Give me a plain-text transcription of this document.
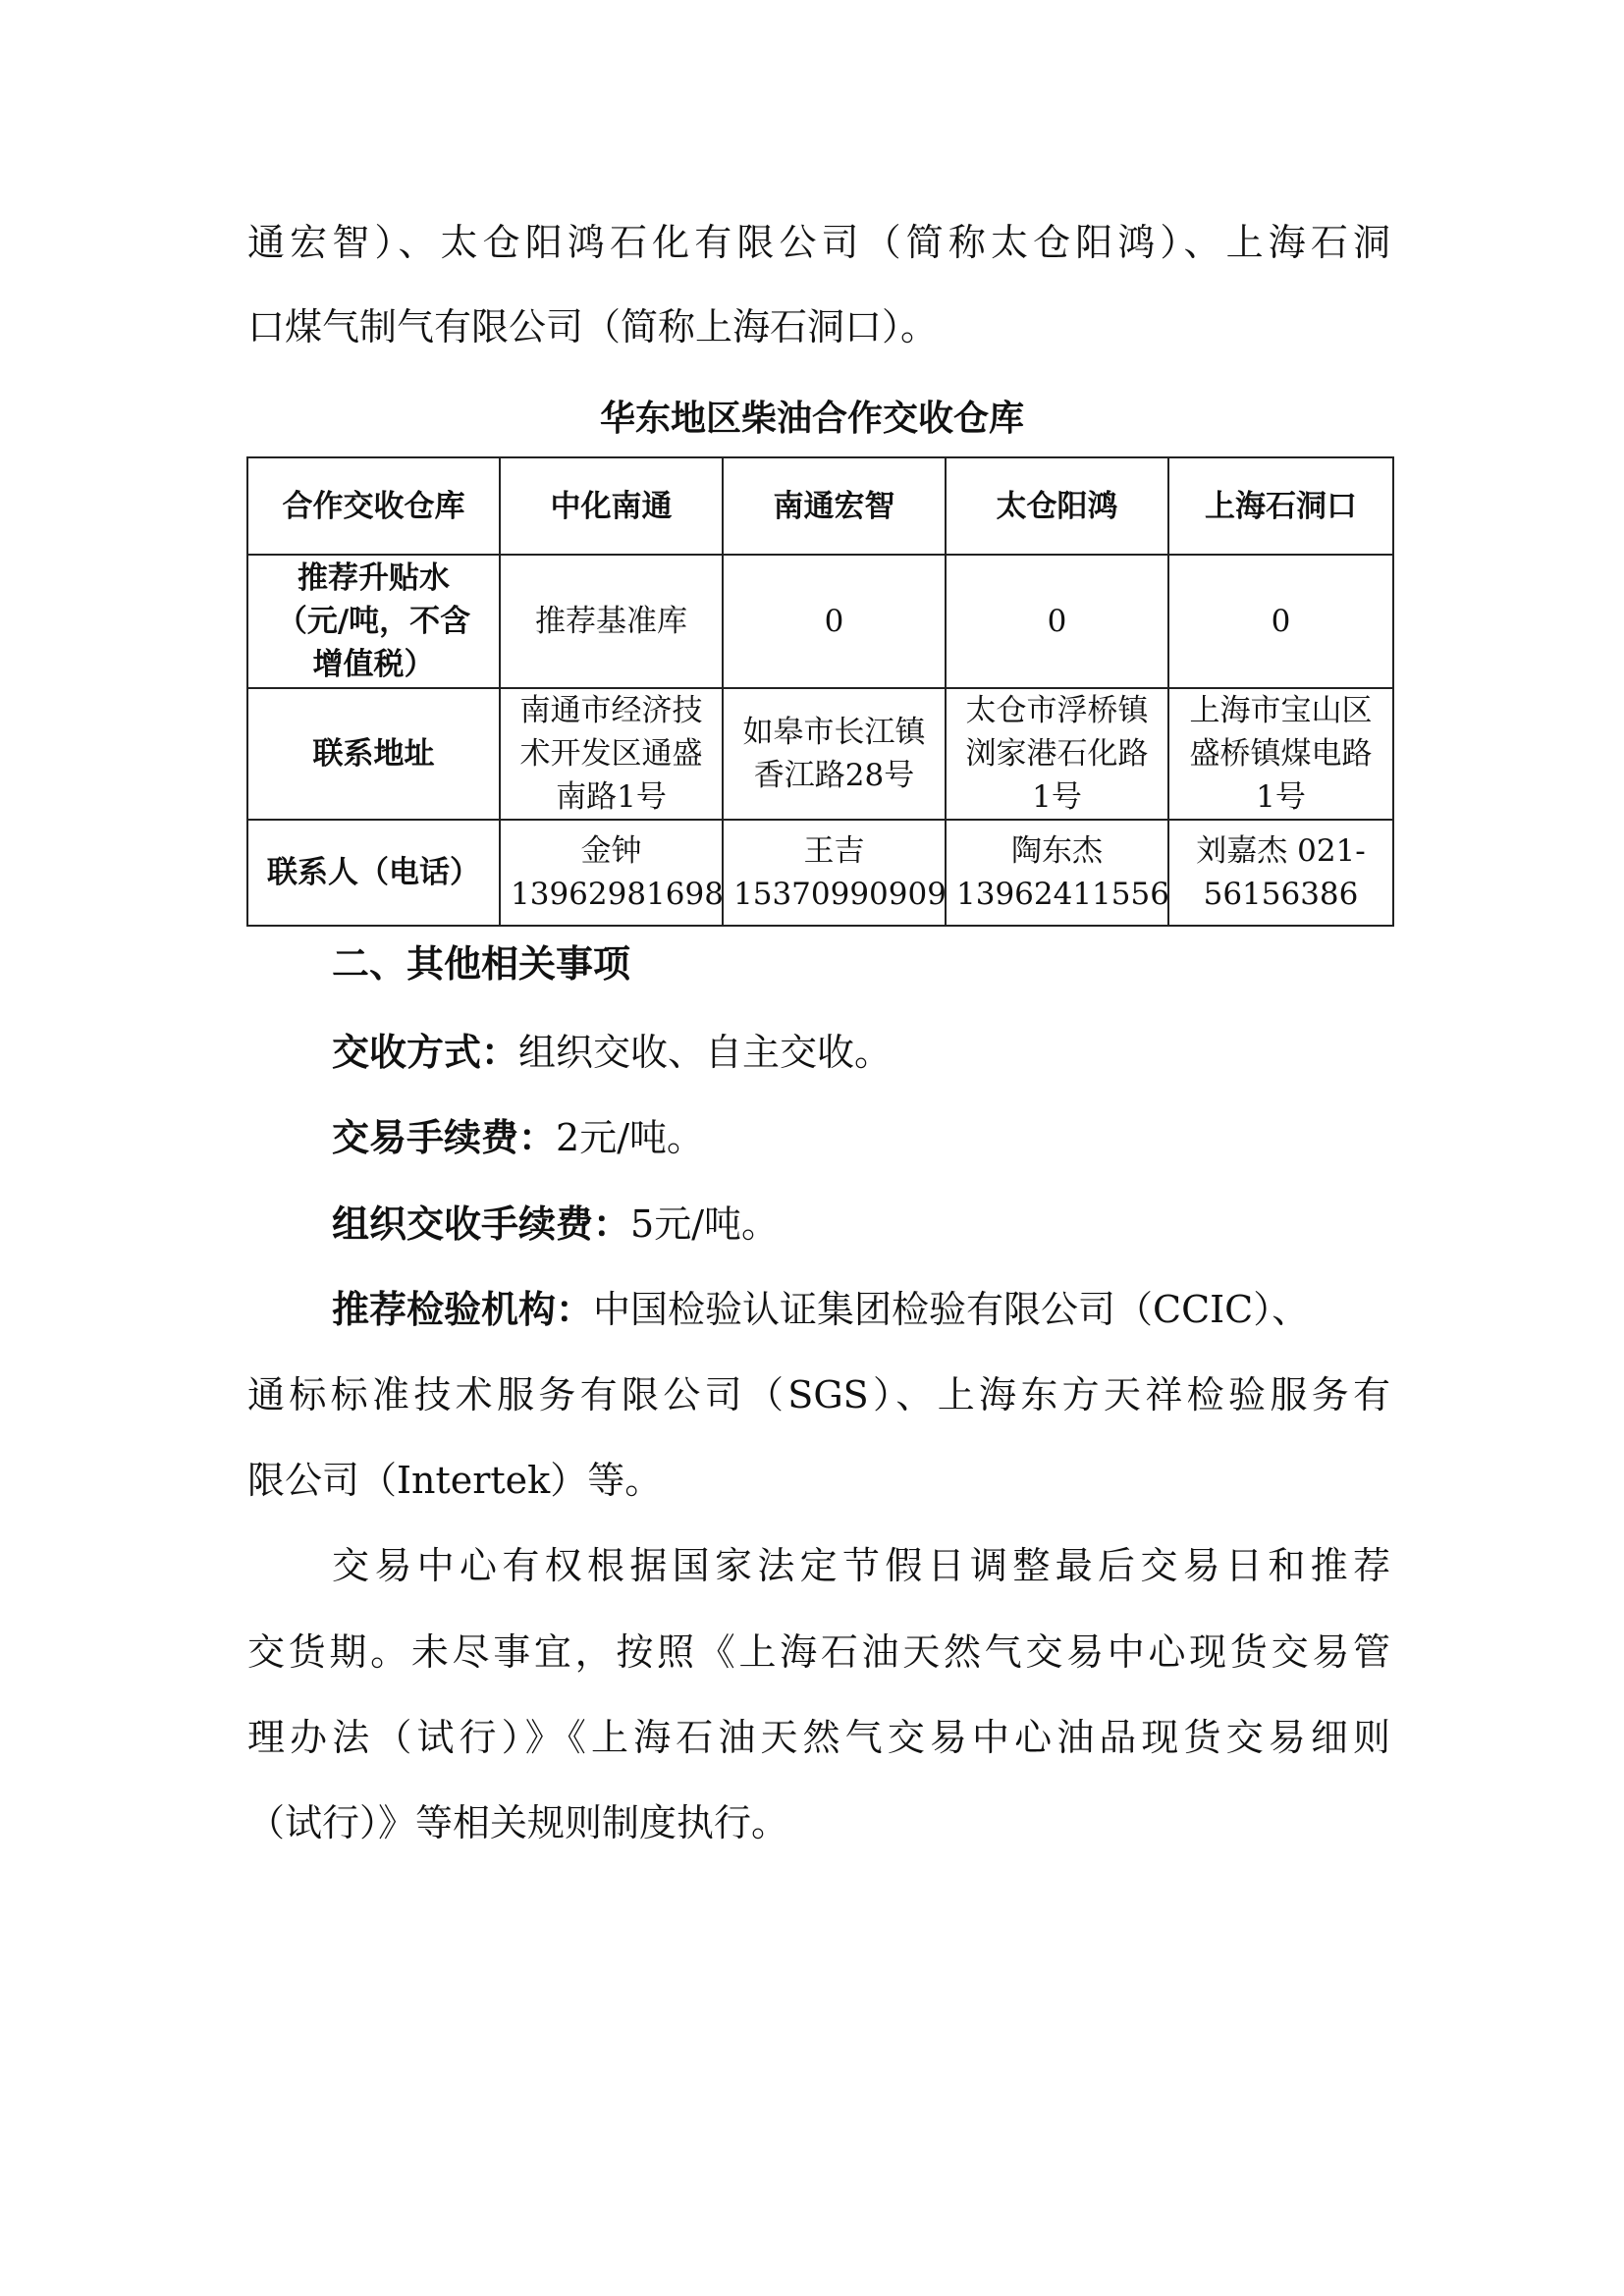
通宏智）、太仓阳鸿石化有限公司（简称太仓阳鸿）、上海石洞
口煤气制气有限公司（简称上海石洞口）。
华东地区柴油合作交收仓库
合作交收仓库	中化南通	南通宏智	太仓阳鸿	上海石洞口
推荐升贴水（元/吨，不含增值税）	推荐基准库	0	0	0
联系地址	南通市经济技术开发区通盛南路1号	如皋市长江镇香江路28号	太仓市浮桥镇浏家港石化路1号	上海市宝山区盛桥镇煤电路1号
联系人（电话）	金钟 13962981698	王吉 15370990909	陶东杰 13962411556	刘嘉杰 021-56156386
二、其他相关事项
交收方式：组织交收、自主交收。
交易手续费：2元/吨。
组织交收手续费：5元/吨。
推荐检验机构：中国检验认证集团检验有限公司（CCIC）、
通标标准技术服务有限公司（SGS）、上海东方天祥检验服务有
限公司（Intertek）等。
交易中心有权根据国家法定节假日调整最后交易日和推荐
交货期。未尽事宜，按照《上海石油天然气交易中心现货交易管
理办法（试行）》《上海石油天然气交易中心油品现货交易细则
（试行）》等相关规则制度执行。
